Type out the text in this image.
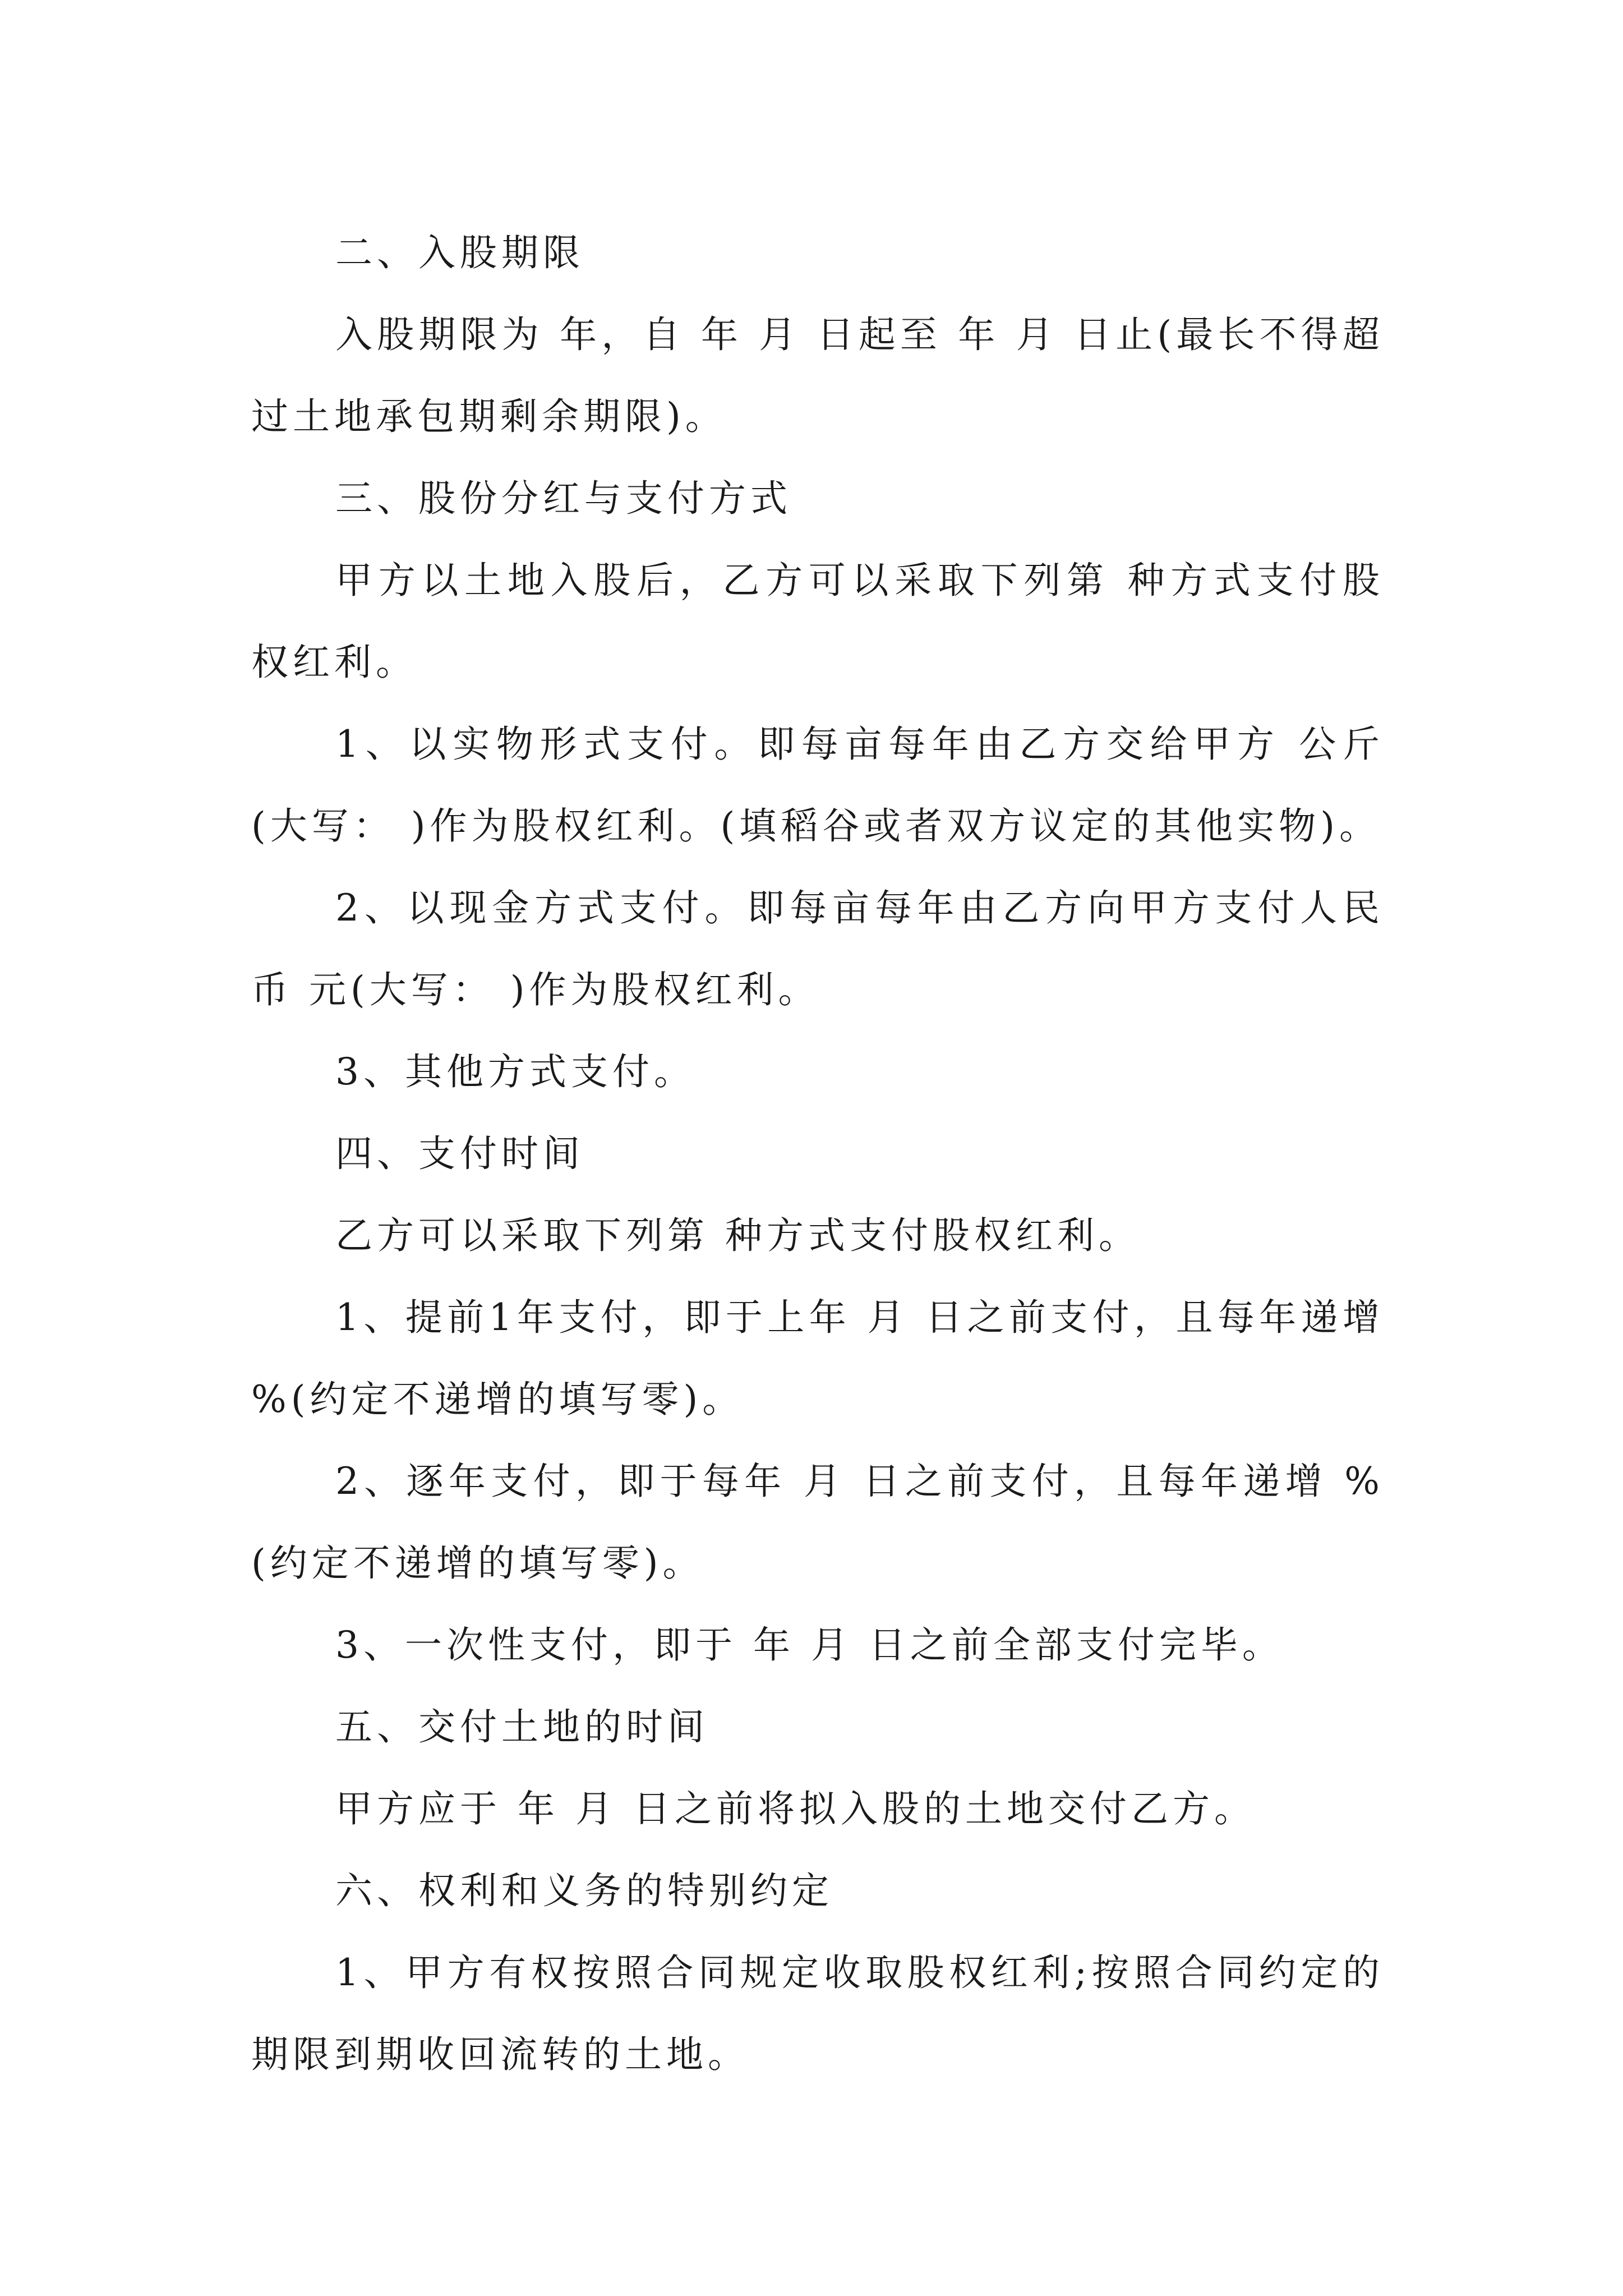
二、入股期限

入股期限为 年，自 年 月 日起至 年 月 日止(最长不得超过土地承包期剩余期限)。

三、股份分红与支付方式

甲方以土地入股后，乙方可以采取下列第 种方式支付股权红利。

1、以实物形式支付。即每亩每年由乙方交给甲方 公斤(大写： )作为股权红利。(填稻谷或者双方议定的其他实物)。

2、以现金方式支付。即每亩每年由乙方向甲方支付人民币 元(大写： )作为股权红利。

3、其他方式支付。

四、支付时间

乙方可以采取下列第 种方式支付股权红利。

1、提前1年支付，即于上年 月 日之前支付，且每年递增 %(约定不递增的填写零)。

2、逐年支付，即于每年 月 日之前支付，且每年递增 %(约定不递增的填写零)。

3、一次性支付，即于 年 月 日之前全部支付完毕。

五、交付土地的时间

甲方应于 年 月 日之前将拟入股的土地交付乙方。

六、权利和义务的特别约定

1、甲方有权按照合同规定收取股权红利;按照合同约定的期限到期收回流转的土地。
